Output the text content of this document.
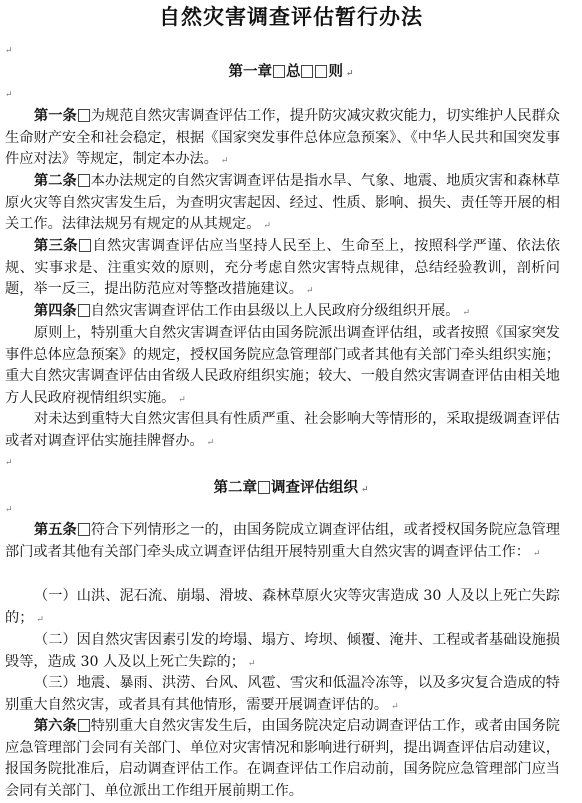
自然灾害调查评估暂行办法
↵
第一章 总 则 ↵
↵

第一条 为规范自然灾害调查评估工作，提升防灾减灾救灾能力，切实维护人民群众生命财产安全和社会稳定，根据《国家突发事件总体应急预案》、《中华人民共和国突发事件应对法》等规定，制定本办法。 ↵

第二条 本办法规定的自然灾害调查评估是指水旱、气象、地震、地质灾害和森林草原火灾等自然灾害发生后，为查明灾害起因、经过、性质、影响、损失、责任等开展的相关工作。法律法规另有规定的从其规定。 ↵

第三条 自然灾害调查评估应当坚持人民至上、生命至上，按照科学严谨、依法依规、实事求是、注重实效的原则，充分考虑自然灾害特点规律，总结经验教训，剖析问题，举一反三，提出防范应对等整改措施建议。 ↵

第四条 自然灾害调查评估工作由县级以上人民政府分级组织开展。 ↵

原则上，特别重大自然灾害调查评估由国务院派出调查评估组，或者按照《国家突发事件总体应急预案》的规定，授权国务院应急管理部门或者其他有关部门牵头组织实施；重大自然灾害调查评估由省级人民政府组织实施；较大、一般自然灾害调查评估由相关地方人民政府视情组织实施。 ↵

对未达到重特大自然灾害但具有性质严重、社会影响大等情形的，采取提级调查评估或者对调查评估实施挂牌督办。 ↵

↵
第二章 调查评估组织 ↵
↵

第五条 符合下列情形之一的，由国务院成立调查评估组，或者授权国务院应急管理部门或者其他有关部门牵头成立调查评估组开展特别重大自然灾害的调查评估工作： ↵

（一）山洪、泥石流、崩塌、滑坡、森林草原火灾等灾害造成 30 人及以上死亡失踪的； ↵

（二）因自然灾害因素引发的垮塌、塌方、垮坝、倾覆、淹井、工程或者基础设施损毁等，造成 30 人及以上死亡失踪的； ↵

（三）地震、暴雨、洪涝、台风、风雹、雪灾和低温冷冻等，以及多灾复合造成的特别重大自然灾害，或者具有其他情形，需要开展调查评估的。 ↵

第六条 特别重大自然灾害发生后，由国务院决定启动调查评估工作，或者由国务院应急管理部门会同有关部门、单位对灾害情况和影响进行研判，提出调查评估启动建议，报国务院批准后，启动调查评估工作。在调查评估工作启动前，国务院应急管理部门应当会同有关部门、单位派出工作组开展前期工作。
